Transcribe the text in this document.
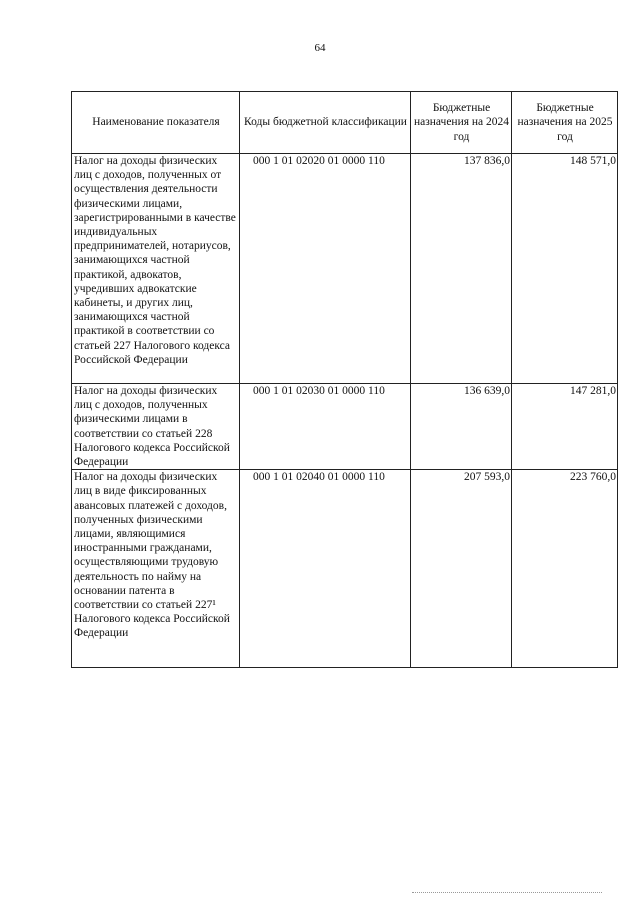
64
Наименование показателя	Коды бюджетной классификации	Бюджетные назначения на 2024 год	Бюджетные назначения на 2025 год
Налог на доходы физических лиц с доходов, полученных от осуществления деятельности физическими лицами, зарегистрированными в качестве индивидуальных предпринимателей, нотариусов, занимающихся частной практикой, адвокатов, учредивших адвокатские кабинеты, и других лиц, занимающихся частной практикой в соответствии со статьей 227 Налогового кодекса Российской Федерации	000 1 01 02020 01 0000 110	137 836,0	148 571,0
Налог на доходы физических лиц с доходов, полученных физическими лицами в соответствии со статьей 228 Налогового кодекса Российской Федерации	000 1 01 02030 01 0000 110	136 639,0	147 281,0
Налог на доходы физических лиц в виде фиксированных авансовых платежей с доходов, полученных физическими лицами, являющимися иностранными гражданами, осуществляющими трудовую деятельность по найму на основании патента в соответствии со статьей 227¹ Налогового кодекса Российской Федерации	000 1 01 02040 01 0000 110	207 593,0	223 760,0
